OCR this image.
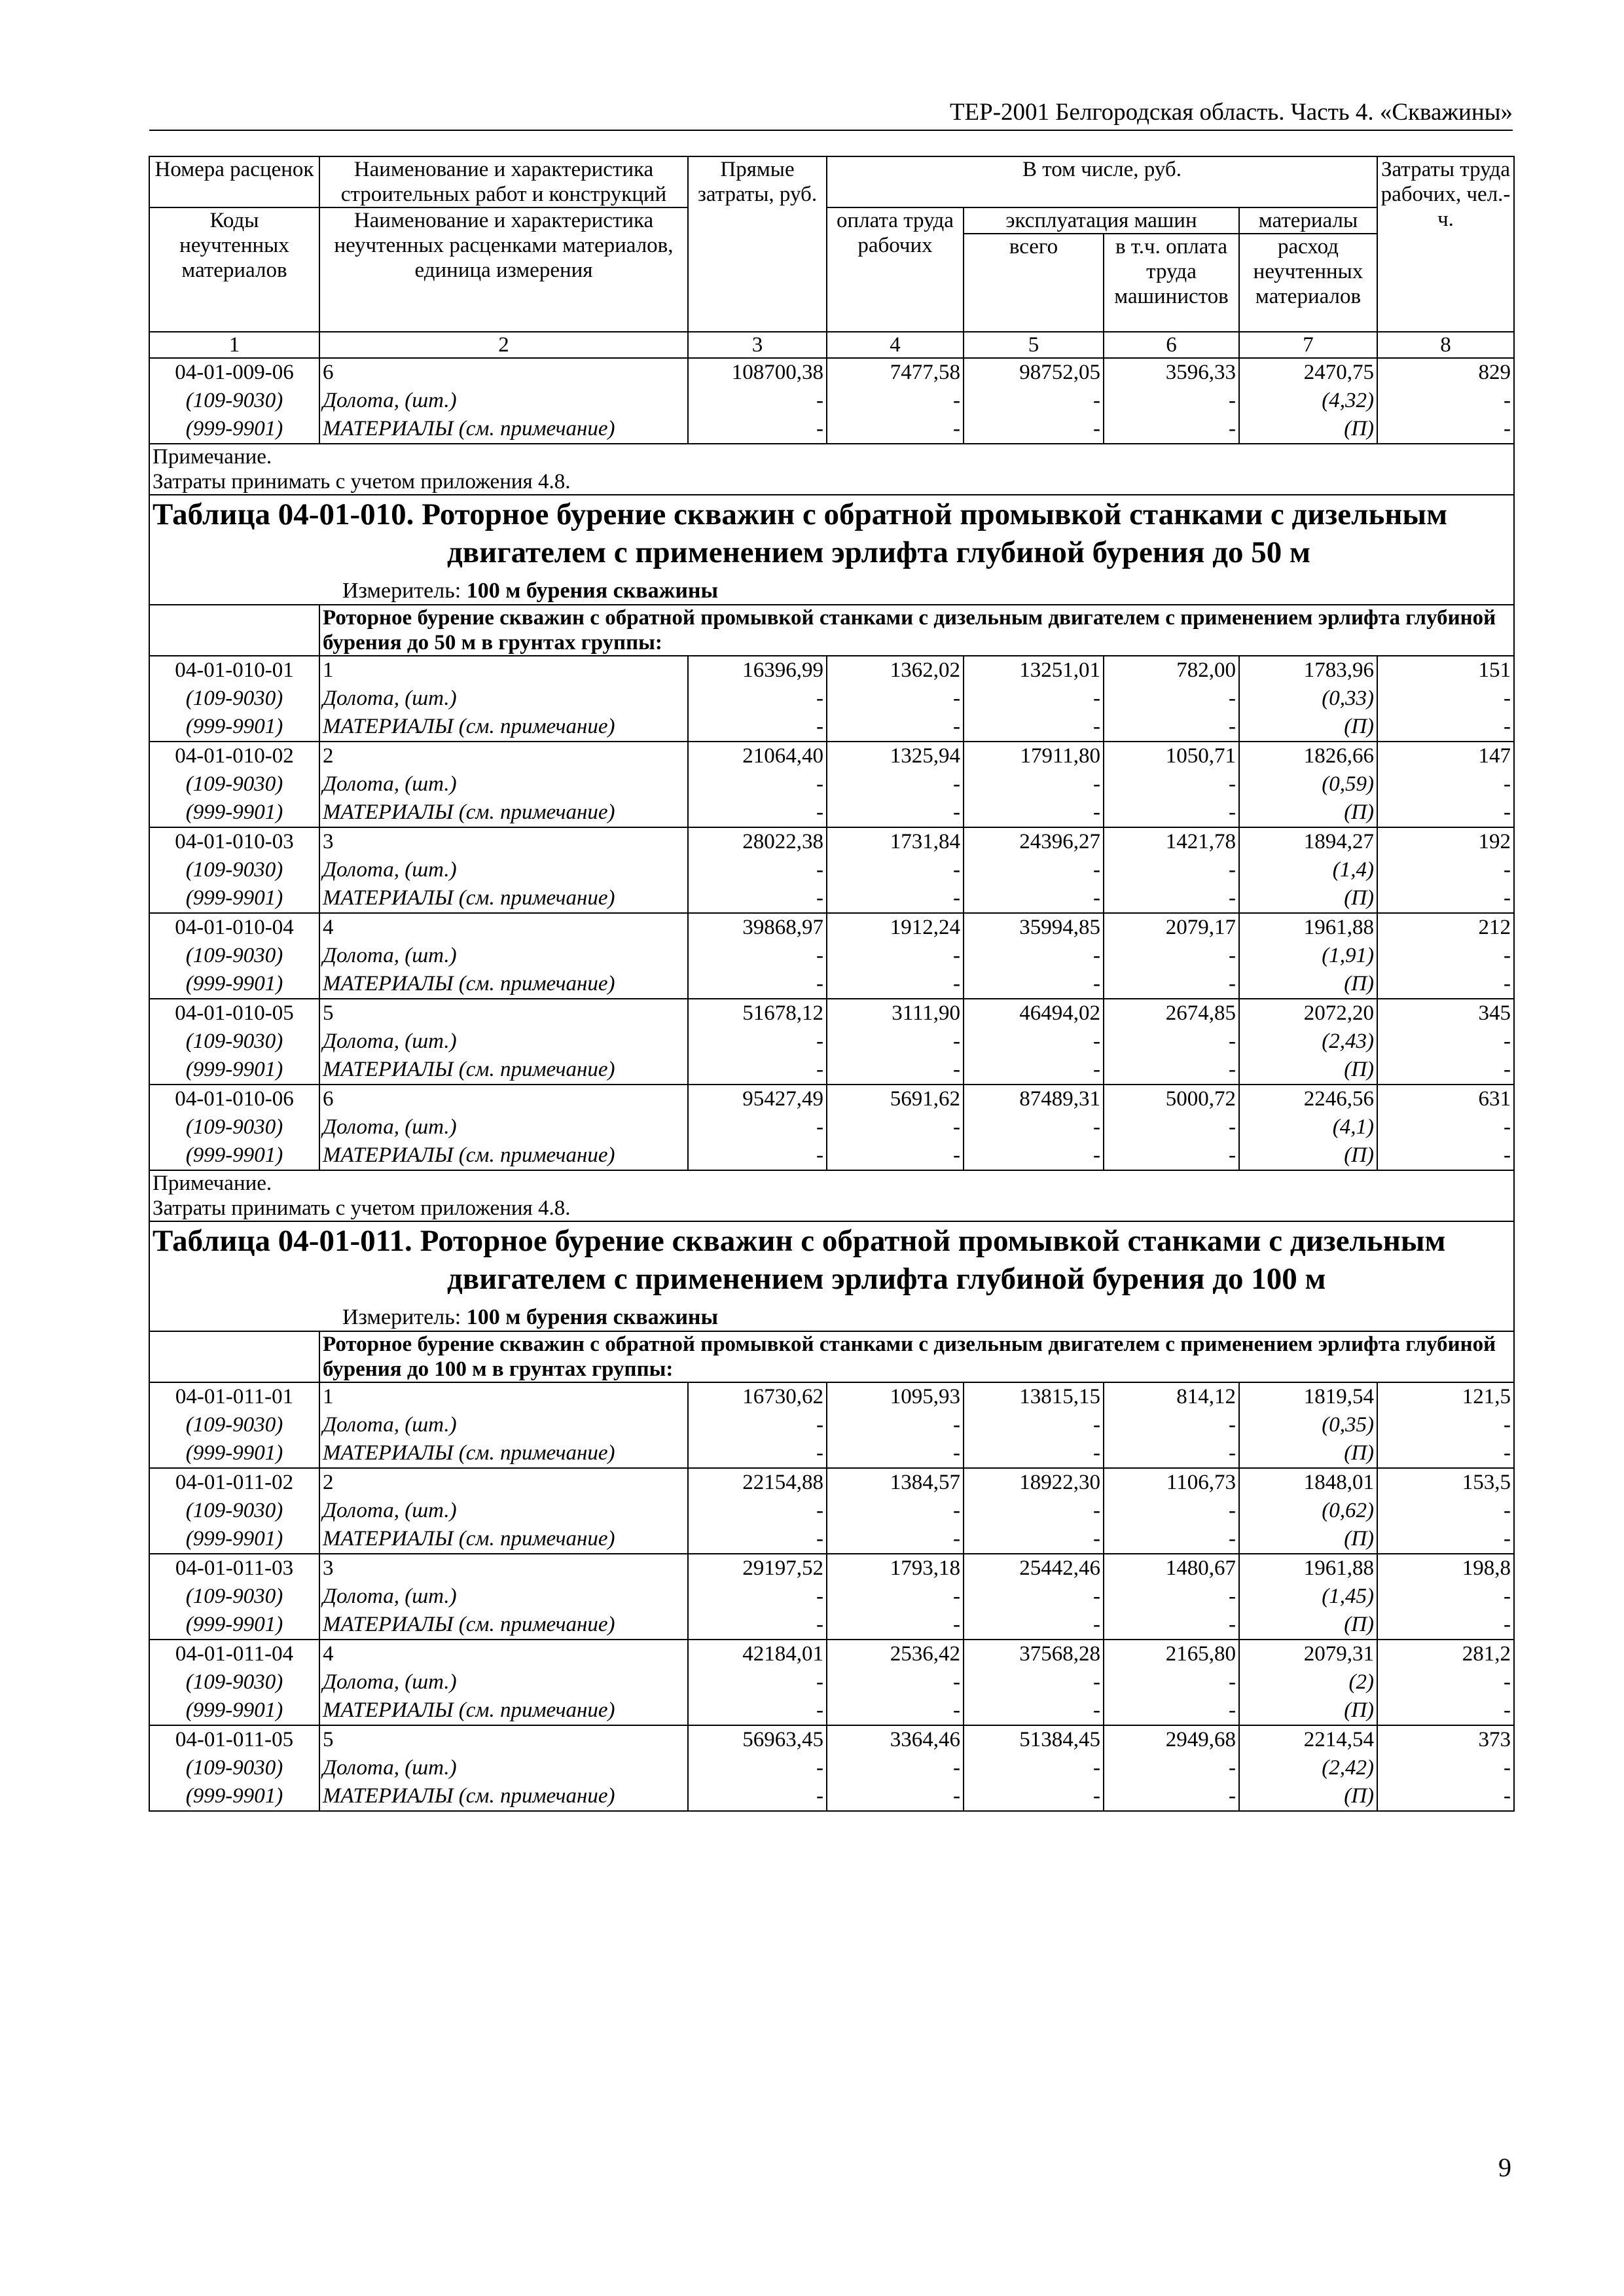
ТЕР-2001 Белгородская область. Часть 4. «Скважины»
Номера расценок	Наименование и характеристика строительных работ и конструкций	Прямые затраты, руб.	В том числе, руб.				Затраты труда рабочих, чел.-ч.
Коды неучтенных материалов	Наименование и характеристика неучтенных расценками материалов, единица измерения		оплата труда рабочих	эксплуатация машин		материалы	
				всего	в т.ч. оплата труда машинистов	расход неучтенных материалов	
1	2	3	4	5	6	7	8
04-01-009-06	6	108700,38	7477,58	98752,05	3596,33	2470,75	829
(109-9030)	Долота, (шт.)	-	-	-	-	(4,32)	-
(999-9901)	МАТЕРИАЛЫ (см. примечание)	-	-	-	-	(П)	-

Примечание.
Затраты принимать с учетом приложения 4.8.							

Таблица 04-01-010. Роторное бурение скважин с обратной промывкой станками с дизельным двигателем с применением эрлифта глубиной бурения до 50 м
Измеритель: 100 м бурения скважины							

	Роторное бурение скважин с обратной промывкой станками с дизельным двигателем с применением эрлифта глубиной бурения до 50 м в грунтах группы:						
04-01-010-01	1	16396,99	1362,02	13251,01	782,00	1783,96	151
(109-9030)	Долота, (шт.)	-	-	-	-	(0,33)	-
(999-9901)	МАТЕРИАЛЫ (см. примечание)	-	-	-	-	(П)	-
04-01-010-02	2	21064,40	1325,94	17911,80	1050,71	1826,66	147
(109-9030)	Долота, (шт.)	-	-	-	-	(0,59)	-
(999-9901)	МАТЕРИАЛЫ (см. примечание)	-	-	-	-	(П)	-
04-01-010-03	3	28022,38	1731,84	24396,27	1421,78	1894,27	192
(109-9030)	Долота, (шт.)	-	-	-	-	(1,4)	-
(999-9901)	МАТЕРИАЛЫ (см. примечание)	-	-	-	-	(П)	-
04-01-010-04	4	39868,97	1912,24	35994,85	2079,17	1961,88	212
(109-9030)	Долота, (шт.)	-	-	-	-	(1,91)	-
(999-9901)	МАТЕРИАЛЫ (см. примечание)	-	-	-	-	(П)	-
04-01-010-05	5	51678,12	3111,90	46494,02	2674,85	2072,20	345
(109-9030)	Долота, (шт.)	-	-	-	-	(2,43)	-
(999-9901)	МАТЕРИАЛЫ (см. примечание)	-	-	-	-	(П)	-
04-01-010-06	6	95427,49	5691,62	87489,31	5000,72	2246,56	631
(109-9030)	Долота, (шт.)	-	-	-	-	(4,1)	-
(999-9901)	МАТЕРИАЛЫ (см. примечание)	-	-	-	-	(П)	-

Примечание.
Затраты принимать с учетом приложения 4.8.							

Таблица 04-01-011. Роторное бурение скважин с обратной промывкой станками с дизельным двигателем с применением эрлифта глубиной бурения до 100 м
Измеритель: 100 м бурения скважины							

	Роторное бурение скважин с обратной промывкой станками с дизельным двигателем с применением эрлифта глубиной бурения до 100 м в грунтах группы:						
04-01-011-01	1	16730,62	1095,93	13815,15	814,12	1819,54	121,5
(109-9030)	Долота, (шт.)	-	-	-	-	(0,35)	-
(999-9901)	МАТЕРИАЛЫ (см. примечание)	-	-	-	-	(П)	-
04-01-011-02	2	22154,88	1384,57	18922,30	1106,73	1848,01	153,5
(109-9030)	Долота, (шт.)	-	-	-	-	(0,62)	-
(999-9901)	МАТЕРИАЛЫ (см. примечание)	-	-	-	-	(П)	-
04-01-011-03	3	29197,52	1793,18	25442,46	1480,67	1961,88	198,8
(109-9030)	Долота, (шт.)	-	-	-	-	(1,45)	-
(999-9901)	МАТЕРИАЛЫ (см. примечание)	-	-	-	-	(П)	-
04-01-011-04	4	42184,01	2536,42	37568,28	2165,80	2079,31	281,2
(109-9030)	Долота, (шт.)	-	-	-	-	(2)	-
(999-9901)	МАТЕРИАЛЫ (см. примечание)	-	-	-	-	(П)	-
04-01-011-05	5	56963,45	3364,46	51384,45	2949,68	2214,54	373
(109-9030)	Долота, (шт.)	-	-	-	-	(2,42)	-
(999-9901)	МАТЕРИАЛЫ (см. примечание)	-	-	-	-	(П)	-
9
